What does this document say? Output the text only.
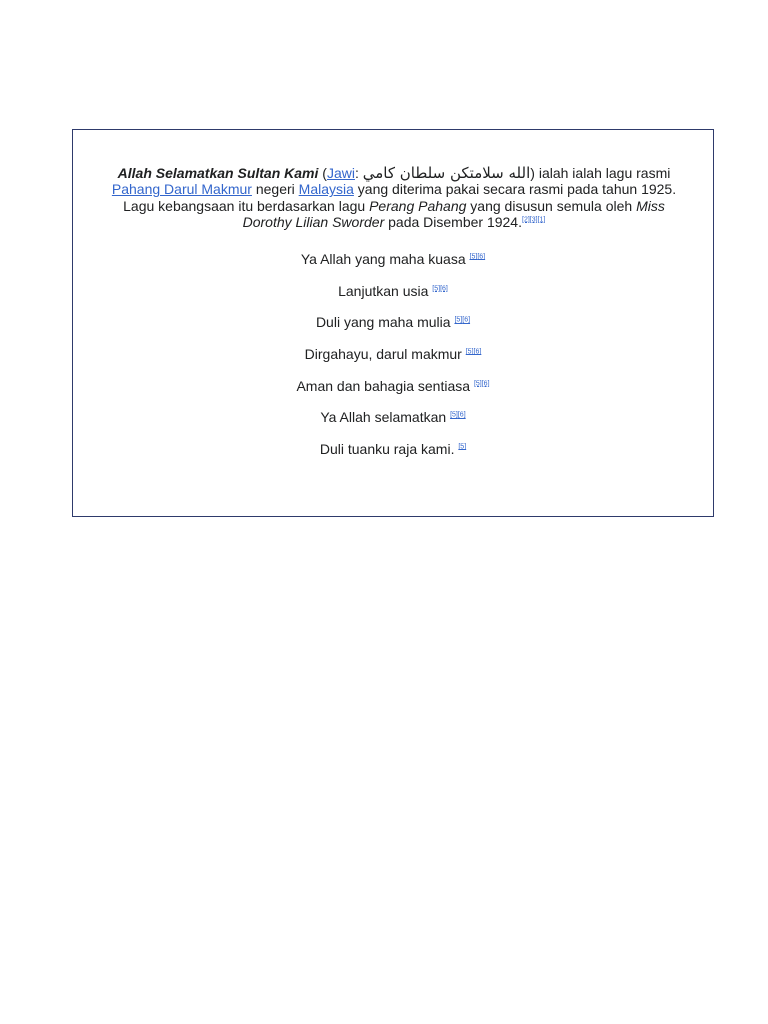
Allah Selamatkan Sultan Kami (Jawi: الله سلامتكن سلطان كامي) ialah ialah lagu rasmi Pahang Darul Makmur negeri Malaysia yang diterima pakai secara rasmi pada tahun 1925. Lagu kebangsaan itu berdasarkan lagu Perang Pahang yang disusun semula oleh Miss Dorothy Lilian Sworder pada Disember 1924.[2][3][1]

Ya Allah yang maha kuasa [5][6]
Lanjutkan usia [5][6]
Duli yang maha mulia [5][6]
Dirgahayu, darul makmur [5][6]
Aman dan bahagia sentiasa [5][6]
Ya Allah selamatkan [5][6]
Duli tuanku raja kami. [5]
